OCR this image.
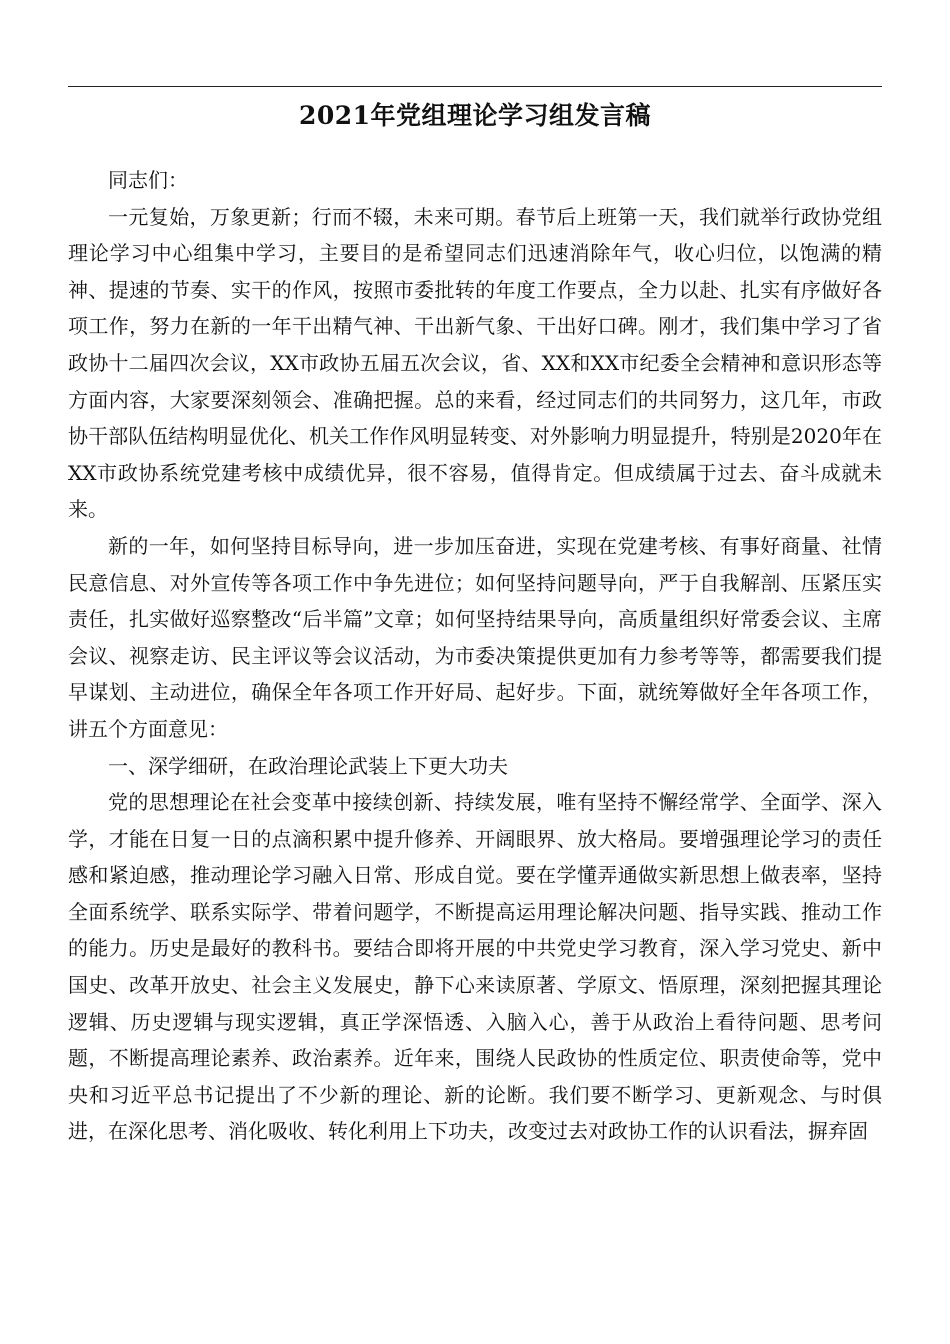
2021年党组理论学习组发言稿

同志们：

一元复始，万象更新；行而不辍，未来可期。春节后上班第一天，我们就举行政协党组理论学习中心组集中学习，主要目的是希望同志们迅速消除年气，收心归位，以饱满的精神、提速的节奏、实干的作风，按照市委批转的年度工作要点，全力以赴、扎实有序做好各项工作，努力在新的一年干出精气神、干出新气象、干出好口碑。刚才，我们集中学习了省政协十二届四次会议，XX市政协五届五次会议，省、XX和XX市纪委全会精神和意识形态等方面内容，大家要深刻领会、准确把握。总的来看，经过同志们的共同努力，这几年，市政协干部队伍结构明显优化、机关工作作风明显转变、对外影响力明显提升，特别是2020年在XX市政协系统党建考核中成绩优异，很不容易，值得肯定。但成绩属于过去、奋斗成就未来。

新的一年，如何坚持目标导向，进一步加压奋进，实现在党建考核、有事好商量、社情民意信息、对外宣传等各项工作中争先进位；如何坚持问题导向，严于自我解剖、压紧压实责任，扎实做好巡察整改“后半篇”文章；如何坚持结果导向，高质量组织好常委会议、主席会议、视察走访、民主评议等会议活动，为市委决策提供更加有力参考等等，都需要我们提早谋划、主动进位，确保全年各项工作开好局、起好步。下面，就统筹做好全年各项工作，讲五个方面意见：

一、深学细研，在政治理论武装上下更大功夫

党的思想理论在社会变革中接续创新、持续发展，唯有坚持不懈经常学、全面学、深入学，才能在日复一日的点滴积累中提升修养、开阔眼界、放大格局。要增强理论学习的责任感和紧迫感，推动理论学习融入日常、形成自觉。要在学懂弄通做实新思想上做表率，坚持全面系统学、联系实际学、带着问题学，不断提高运用理论解决问题、指导实践、推动工作的能力。历史是最好的教科书。要结合即将开展的中共党史学习教育，深入学习党史、新中国史、改革开放史、社会主义发展史，静下心来读原著、学原文、悟原理，深刻把握其理论逻辑、历史逻辑与现实逻辑，真正学深悟透、入脑入心，善于从政治上看待问题、思考问题，不断提高理论素养、政治素养。近年来，围绕人民政协的性质定位、职责使命等，党中央和习近平总书记提出了不少新的理论、新的论断。我们要不断学习、更新观念、与时俱进，在深化思考、消化吸收、转化利用上下功夫，改变过去对政协工作的认识看法，摒弃固
